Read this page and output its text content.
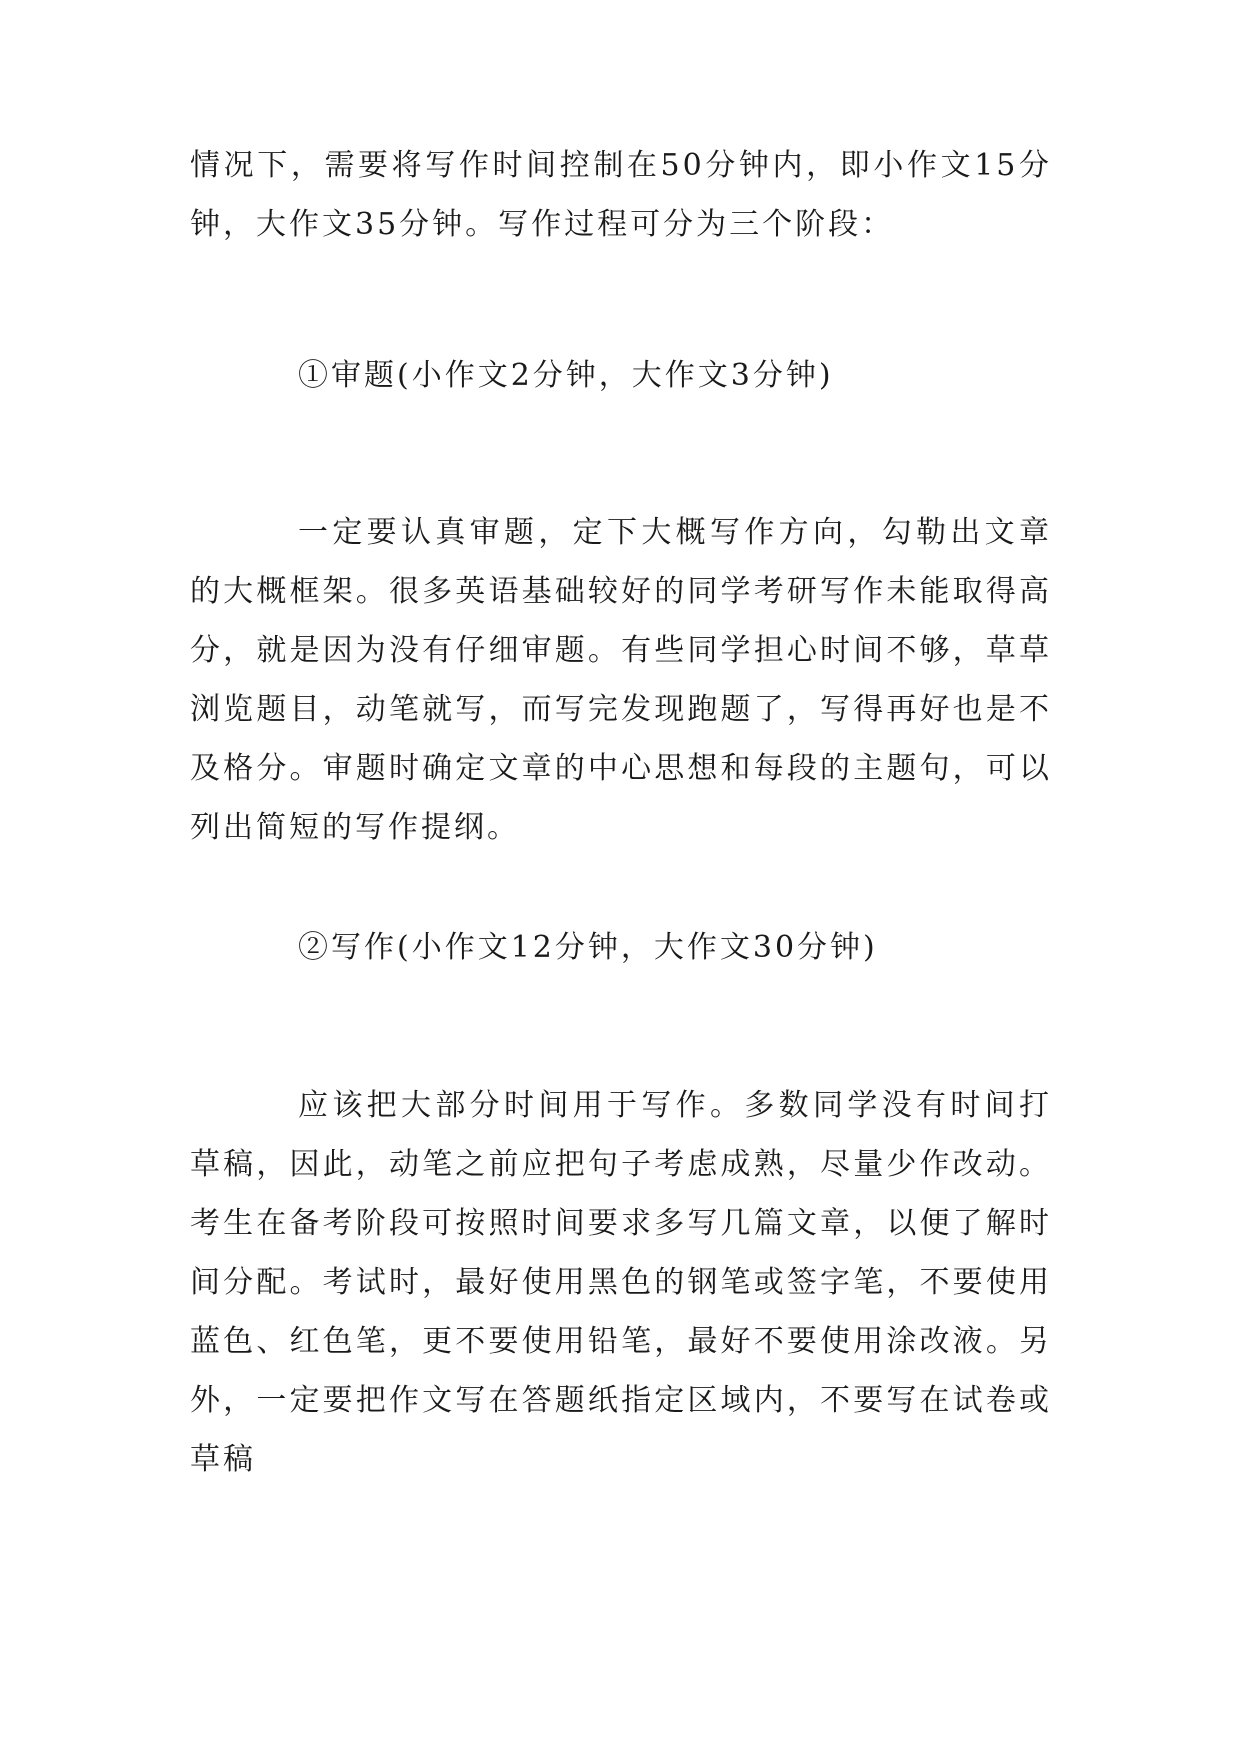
情况下，需要将写作时间控制在50分钟内，即小作文15分钟，大作文35分钟。写作过程可分为三个阶段：
①审题(小作文2分钟，大作文3分钟)
一定要认真审题，定下大概写作方向，勾勒出文章的大概框架。很多英语基础较好的同学考研写作未能取得高分，就是因为没有仔细审题。有些同学担心时间不够，草草浏览题目，动笔就写，而写完发现跑题了，写得再好也是不及格分。审题时确定文章的中心思想和每段的主题句，可以列出简短的写作提纲。
②写作(小作文12分钟，大作文30分钟)
应该把大部分时间用于写作。多数同学没有时间打草稿，因此，动笔之前应把句子考虑成熟，尽量少作改动。考生在备考阶段可按照时间要求多写几篇文章，以便了解时间分配。考试时，最好使用黑色的钢笔或签字笔，不要使用蓝色、红色笔，更不要使用铅笔，最好不要使用涂改液。另外，一定要把作文写在答题纸指定区域内，不要写在试卷或草稿
